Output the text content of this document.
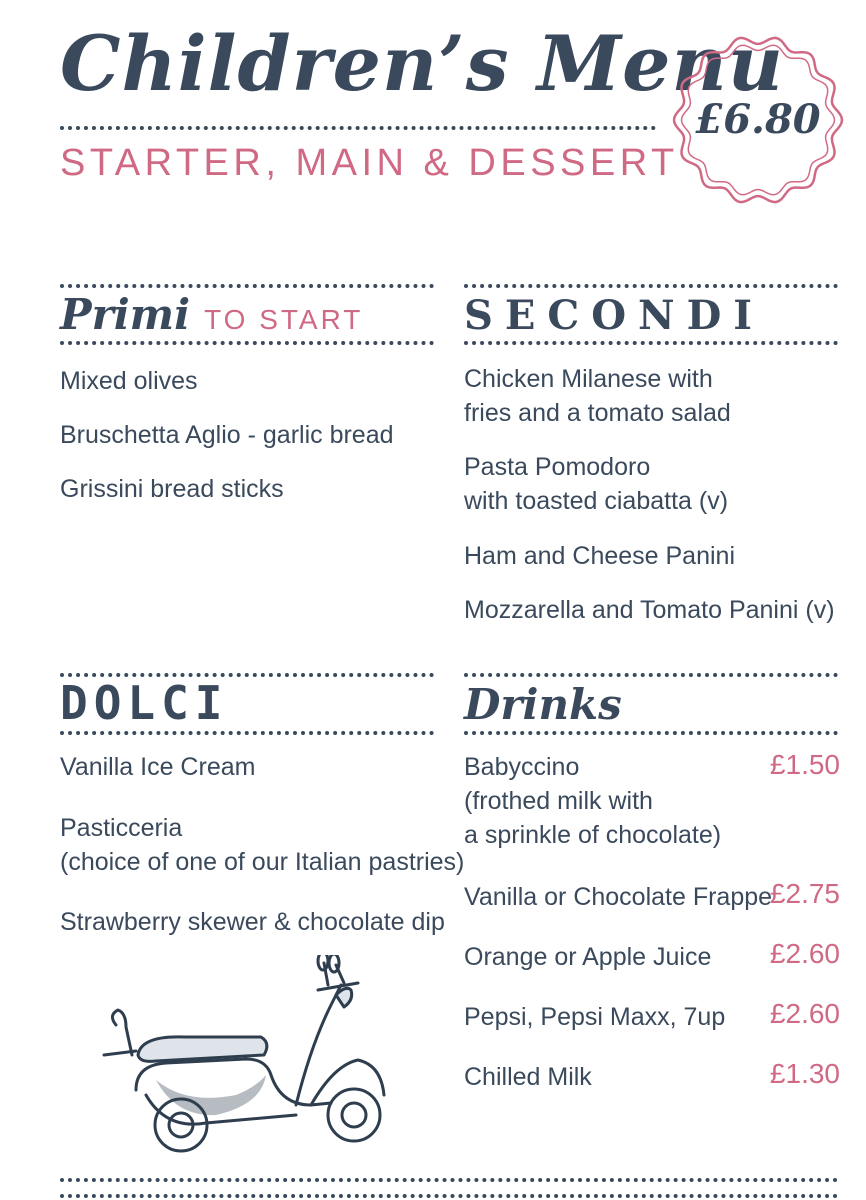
Children’s Menu
STARTER, MAIN & DESSERT
£6.80
Primi TO START
Mixed olives
Bruschetta Aglio - garlic bread
Grissini bread sticks
SECONDI
Chicken Milanese with
fries and a tomato salad
Pasta Pomodoro
with toasted ciabatta (v)
Ham and Cheese Panini
Mozzarella and Tomato Panini (v)
DOLCI
Vanilla Ice Cream
Pasticceria
(choice of one of our Italian pastries)
Strawberry skewer & chocolate dip
Drinks
Babyccino
(frothed milk with
a sprinkle of chocolate)
£1.50
Vanilla or Chocolate Frappe
£2.75
Orange or Apple Juice £2.60
Pepsi, Pepsi Maxx, 7up £2.60
Chilled Milk	£1.30
